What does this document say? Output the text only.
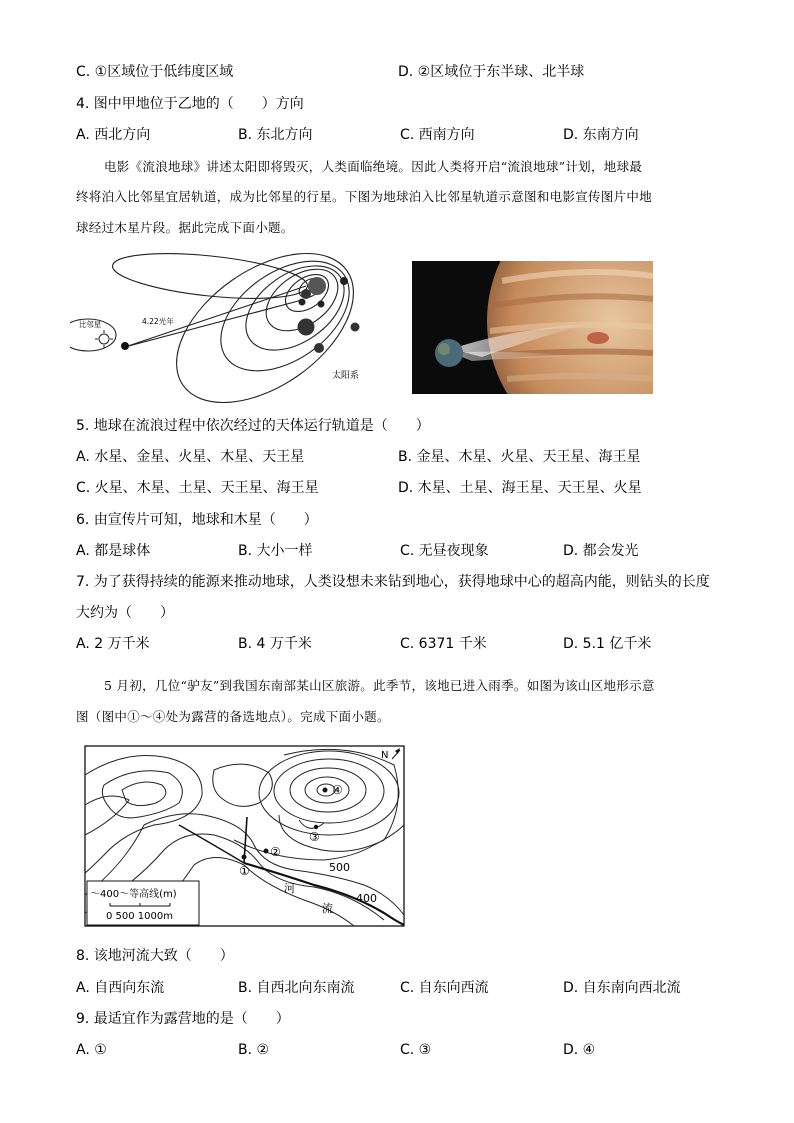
C. ①区域位于低纬度区域	D. ②区域位于东半球、北半球
4. 图中甲地位于乙地的（　　）方向
A. 西北方向	B. 东北方向	C. 西南方向	D. 东南方向
电影《流浪地球》讲述太阳即将毁灭，人类面临绝境。因此人类将开启“流浪地球”计划，地球最
终将泊入比邻星宜居轨道，成为比邻星的行星。下图为地球泊入比邻星轨道示意图和电影宣传图片中地
球经过木星片段。据此完成下面小题。
比邻星	4.22光年
太阳系
5. 地球在流浪过程中依次经过的天体运行轨道是（　　）
A. 水星、金星、火星、木星、天王星	B. 金星、木星、火星、天王星、海王星
C. 火星、木星、土星、天王星、海王星	D. 木星、土星、海王星、天王星、火星
6. 由宣传片可知，地球和木星（　　）
A. 都是球体	B. 大小一样	C. 无昼夜现象	D. 都会发光
7. 为了获得持续的能源来推动地球，人类设想未来钻到地心，获得地球中心的超高内能，则钻头的长度
大约为（　　）
A. 2 万千米	B. 4 万千米	C. 6371 千米	D. 5.1 亿千米
5 月初，几位“驴友”到我国东南部某山区旅游。此季节，该地已进入雨季。如图为该山区地形示意
图（图中①～④处为露营的备选地点）。完成下面小题。
①
②
③
④
500
400
河
流
N
～400～等高线(m)
0 500 1000m
8. 该地河流大致（　　）
A. 自西向东流	B. 自西北向东南流	C. 自东向西流	D. 自东南向西北流
9. 最适宜作为露营地的是（　　）
A. ①	B. ②	C. ③	D. ④
